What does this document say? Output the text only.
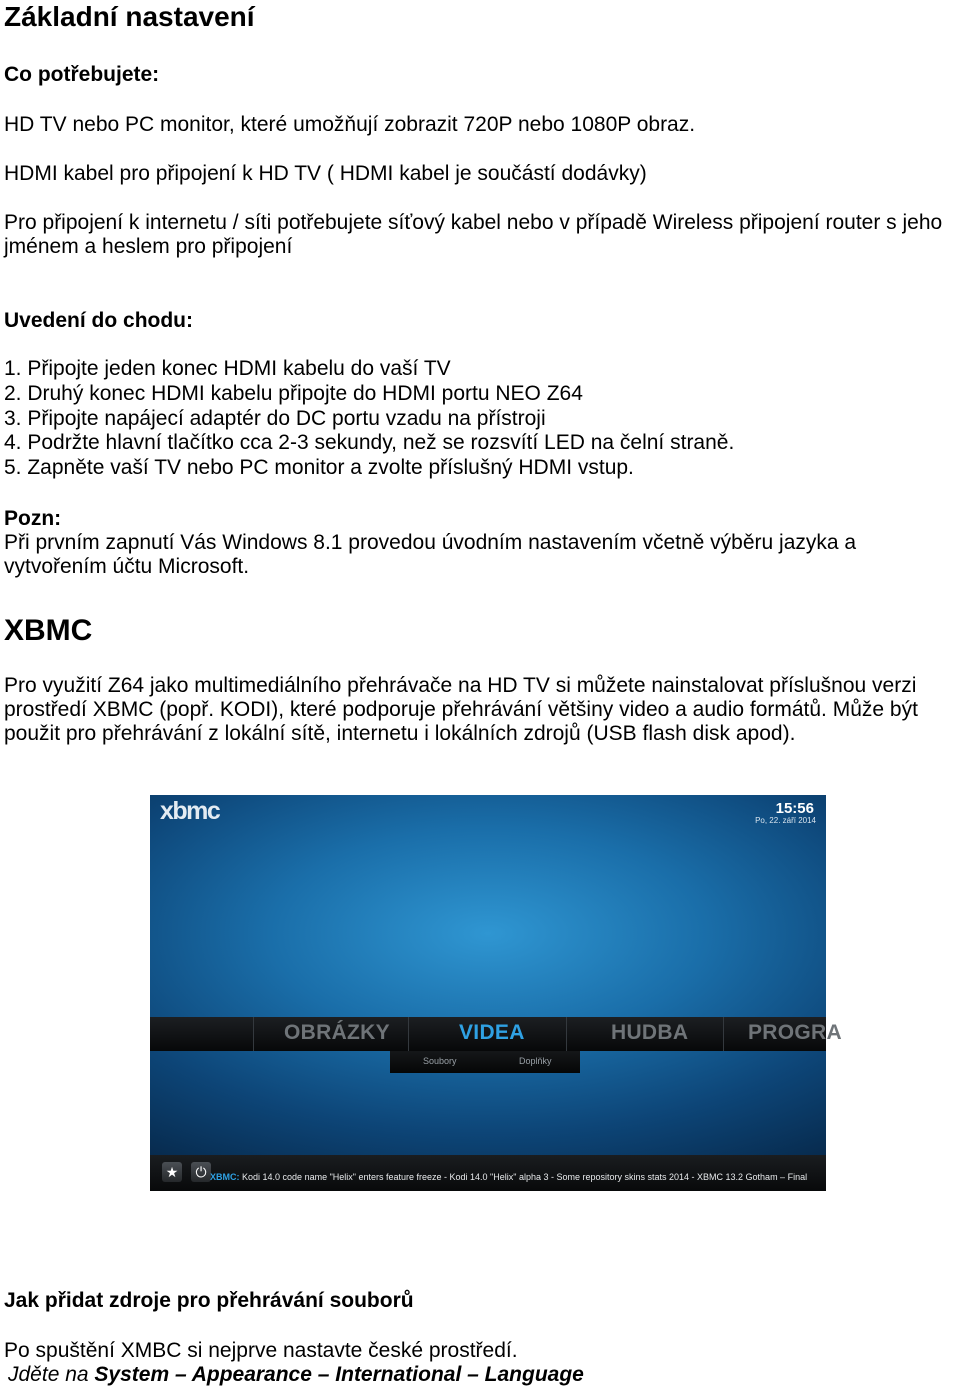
Základní nastavení

Co potřebujete:

HD TV nebo PC monitor, které umožňují zobrazit 720P nebo 1080P obraz.

HDMI kabel pro připojení k HD TV ( HDMI kabel je součástí dodávky)

Pro připojení k internetu / síti potřebujete síťový kabel nebo v případě Wireless připojení router s jeho jménem a heslem pro připojení

Uvedení do chodu:

1. Připojte jeden konec HDMI kabelu do vaší TV
2. Druhý konec HDMI kabelu připojte do HDMI portu NEO Z64
3. Připojte napájecí adaptér do DC portu vzadu na přístroji
4. Podržte hlavní tlačítko cca 2-3 sekundy, než se rozsvítí LED na čelní straně.
5. Zapněte vaší TV nebo PC monitor a zvolte příslušný HDMI vstup.

Pozn:

Při prvním zapnutí Vás Windows 8.1 provedou úvodním nastavením včetně výběru jazyka a vytvořením účtu Microsoft.

XBMC

Pro využití Z64 jako multimediálního přehrávače na HD TV si můžete nainstalovat příslušnou verzi prostředí XBMC (popř. KODI), které podporuje přehrávání většiny video a audio formátů. Může být použit pro přehrávání z lokální sítě, internetu i lokálních zdrojů (USB flash disk apod).

xbmc	15:56
Po, 22. září 2014
OBRÁZKY	VIDEA	HUDBA	PROGRA
Soubory	Doplňky
★	⏻ XBMC: Kodi 14.0 code name "Helix" enters feature freeze - Kodi 14.0 "Helix" alpha 3 - Some repository skins stats 2014 - XBMC 13.2 Gotham – Final

Jak přidat zdroje pro přehrávání souborů

Po spuštění XMBC si nejprve nastavte české prostředí.

Jděte na System – Appearance – International – Language
